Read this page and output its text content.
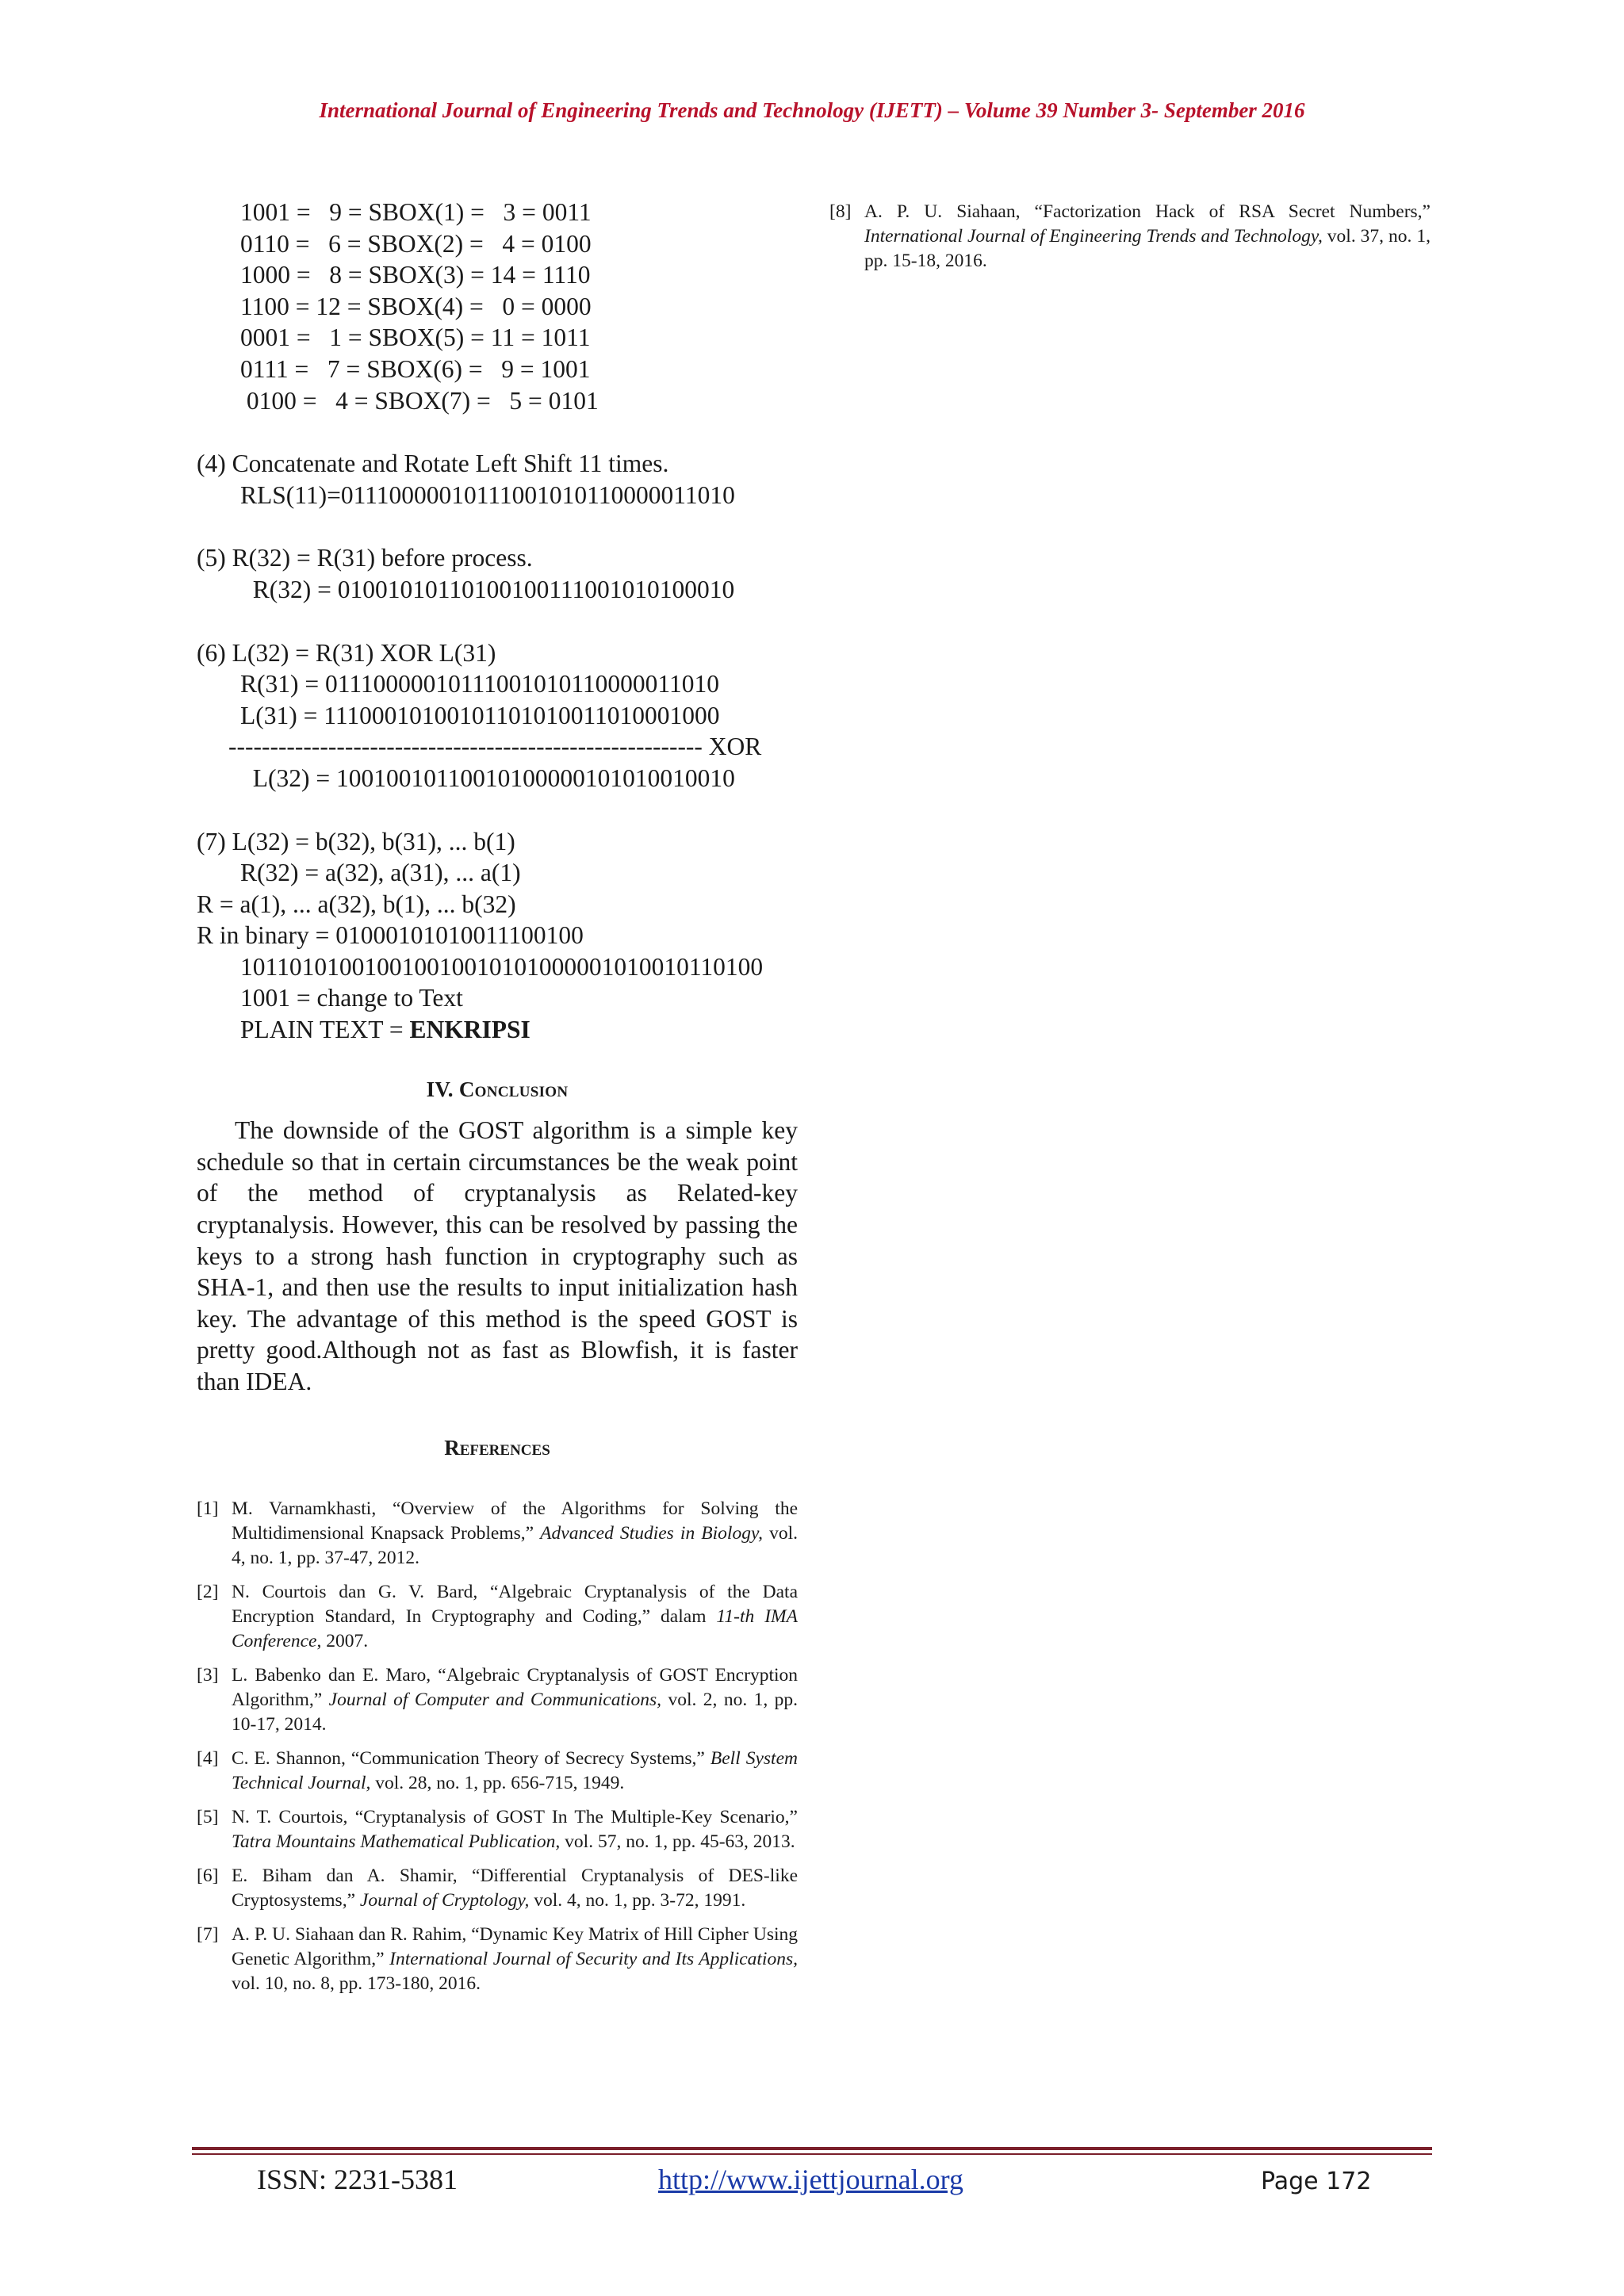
International Journal of Engineering Trends and Technology (IJETT) – Volume 39 Number 3- September 2016
1001 =   9 = SBOX(1) =   3 = 0011
0110 =   6 = SBOX(2) =   4 = 0100
1000 =   8 = SBOX(3) = 14 = 1110
1100 = 12 = SBOX(4) =   0 = 0000
0001 =   1 = SBOX(5) = 11 = 1011
0111 =   7 = SBOX(6) =   9 = 1001
0100 =   4 = SBOX(7) =   5 = 0101
(4) Concatenate and Rotate Left Shift 11 times.
RLS(11)=01110000010111001010110000011010
(5) R(32) = R(31) before process.
R(32) = 01001010110100100111001010100010
(6) L(32) = R(31) XOR L(31)
R(31) = 01110000010111001010110000011010
L(31) = 11100010100101101010011010001000
--------------------------------------------------------- XOR
L(32) = 10010010110010100000101010010010
(7) L(32) = b(32), b(31), ... b(1)
R(32) = a(32), a(31), ... a(1)
R = a(1), ... a(32), b(1), ... b(32)
R in binary = 01000101010011100100
101101010010010010010101000001010010110100
1001 = change to Text
PLAIN TEXT = ENKRIPSI
IV. Conclusion
The downside of the GOST algorithm is a simple key schedule so that in certain circumstances be the weak point of the method of cryptanalysis as Related-key cryptanalysis. However, this can be resolved by passing the keys to a strong hash function in cryptography such as SHA-1, and then use the results to input initialization hash key. The advantage of this method is the speed GOST is pretty good.Although not as fast as Blowfish, it is faster than IDEA.
References
[1] M. Varnamkhasti, “Overview of the Algorithms for Solving the Multidimensional Knapsack Problems,” Advanced Studies in Biology, vol. 4, no. 1, pp. 37-47, 2012.
[2] N. Courtois dan G. V. Bard, “Algebraic Cryptanalysis of the Data Encryption Standard, In Cryptography and Coding,” dalam 11-th IMA Conference, 2007.
[3] L. Babenko dan E. Maro, “Algebraic Cryptanalysis of GOST Encryption Algorithm,” Journal of Computer and Communications, vol. 2, no. 1, pp. 10-17, 2014.
[4] C. E. Shannon, “Communication Theory of Secrecy Systems,” Bell System Technical Journal, vol. 28, no. 1, pp. 656-715, 1949.
[5] N. T. Courtois, “Cryptanalysis of GOST In The Multiple-Key Scenario,” Tatra Mountains Mathematical Publication, vol. 57, no. 1, pp. 45-63, 2013.
[6] E. Biham dan A. Shamir, “Differential Cryptanalysis of DES-like Cryptosystems,” Journal of Cryptology, vol. 4, no. 1, pp. 3-72, 1991.
[7] A. P. U. Siahaan dan R. Rahim, “Dynamic Key Matrix of Hill Cipher Using Genetic Algorithm,” International Journal of Security and Its Applications, vol. 10, no. 8, pp. 173-180, 2016.
[8] A. P. U. Siahaan, “Factorization Hack of RSA Secret Numbers,” International Journal of Engineering Trends and Technology, vol. 37, no. 1, pp. 15-18, 2016.
ISSN: 2231-5381	http://www.ijettjournal.org	Page 172
